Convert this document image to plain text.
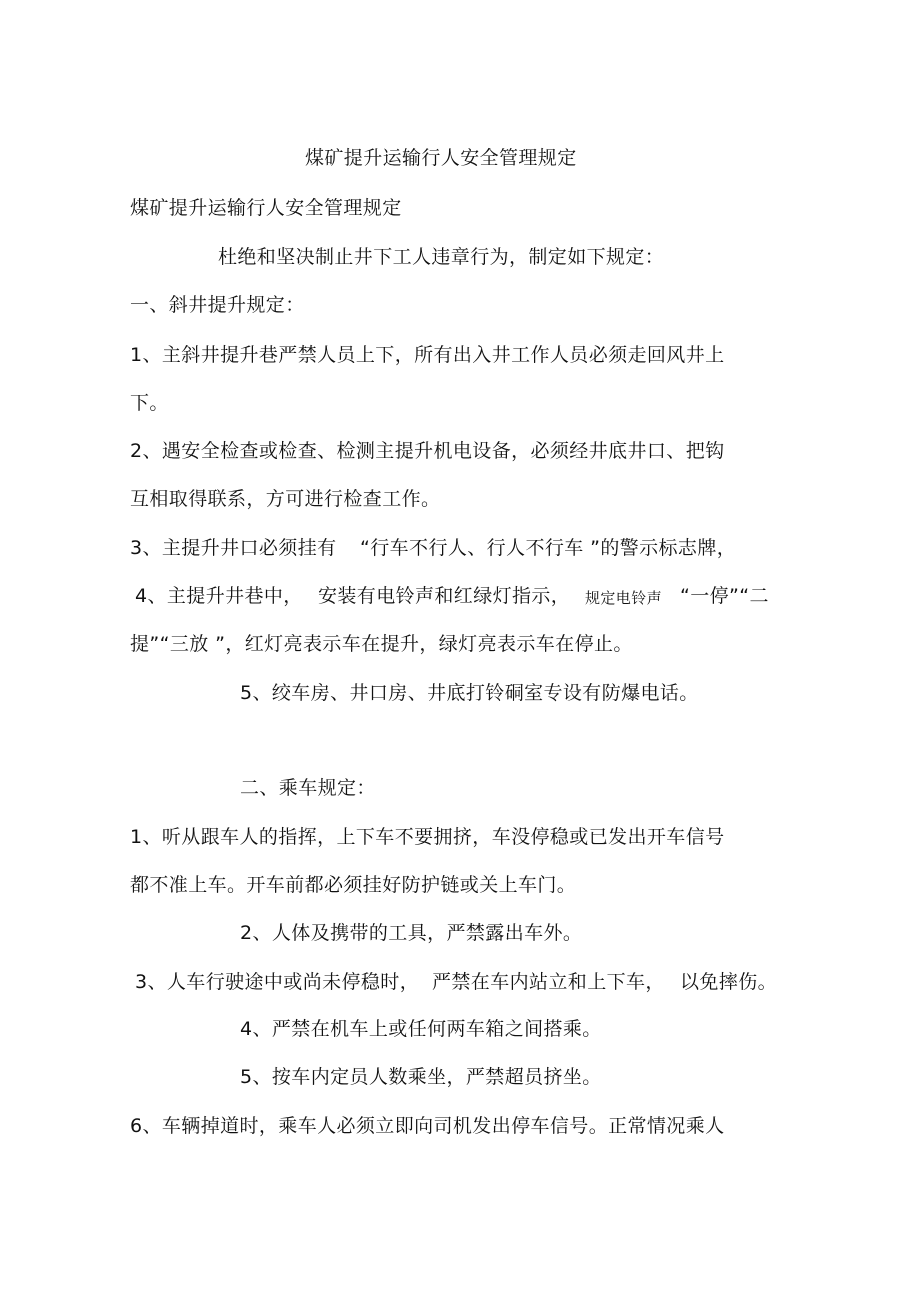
煤矿提升运输行人安全管理规定
煤矿提升运输行人安全管理规定
杜绝和坚决制止井下工人违章行为，制定如下规定：
一、斜井提升规定：
1、主斜井提升巷严禁人员上下，所有出入井工作人员必须走回风井上
下。
2、遇安全检查或检查、检测主提升机电设备，必须经井底井口、把钩
互相取得联系，方可进行检查工作。
3、主提升井口必须挂有 “行车不行人、行人不行车 ”的警示标志牌，
4、主提升井巷中， 安装有电铃声和红绿灯指示， 规定电铃声 “一停”“二
提”“三放 ”，红灯亮表示车在提升，绿灯亮表示车在停止。
5、绞车房、井口房、井底打铃硐室专设有防爆电话。
二、乘车规定：
1、听从跟车人的指挥，上下车不要拥挤，车没停稳或已发出开车信号
都不准上车。开车前都必须挂好防护链或关上车门。
2、人体及携带的工具，严禁露出车外。
3、人车行驶途中或尚未停稳时， 严禁在车内站立和上下车， 以免摔伤。
4、严禁在机车上或任何两车箱之间搭乘。
5、按车内定员人数乘坐，严禁超员挤坐。
6、车辆掉道时，乘车人必须立即向司机发出停车信号。正常情况乘人
